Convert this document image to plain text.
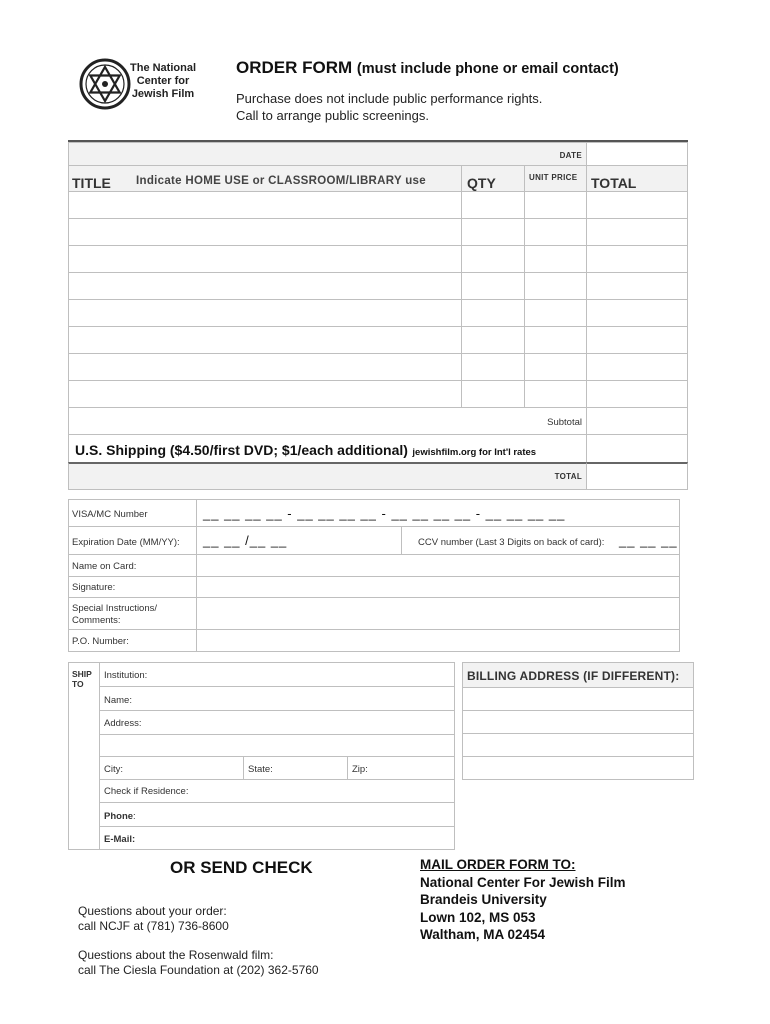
The National
Center for
Jewish Film
ORDER FORM (must include phone or email contact)
Purchase does not include public performance rights.
Call to arrange public screenings.
DATE
TITLE Indicate HOME USE or CLASSROOM/LIBRARY use	QTY	UNIT PRICE TOTAL
Subtotal
U.S. Shipping ($4.50/first DVD; $1/each additional) jewishfilm.org for Int'l rates
TOTAL
VISA/MC Number	__ __ __ __ - __ __ __ __ - __ __ __ __ - __ __ __ __
Expiration Date (MM/YY): __ __ /__ __	CCV number (Last 3 Digits on back of card): __ __ __
Name on Card:
Signature:
Special Instructions/
Comments:
P.O. Number:
SHIP
TO
Institution:
Name:
Address:
City:	State:	Zip:
Check if Residence:
Phone:
E-Mail:
BILLING ADDRESS (IF DIFFERENT):
OR SEND CHECK
Questions about your order:
call NCJF at (781) 736-8600
Questions about the Rosenwald film:
call The Ciesla Foundation at (202) 362-5760
MAIL ORDER FORM TO:
National Center For Jewish Film
Brandeis University
Lown 102, MS 053
Waltham, MA 02454
